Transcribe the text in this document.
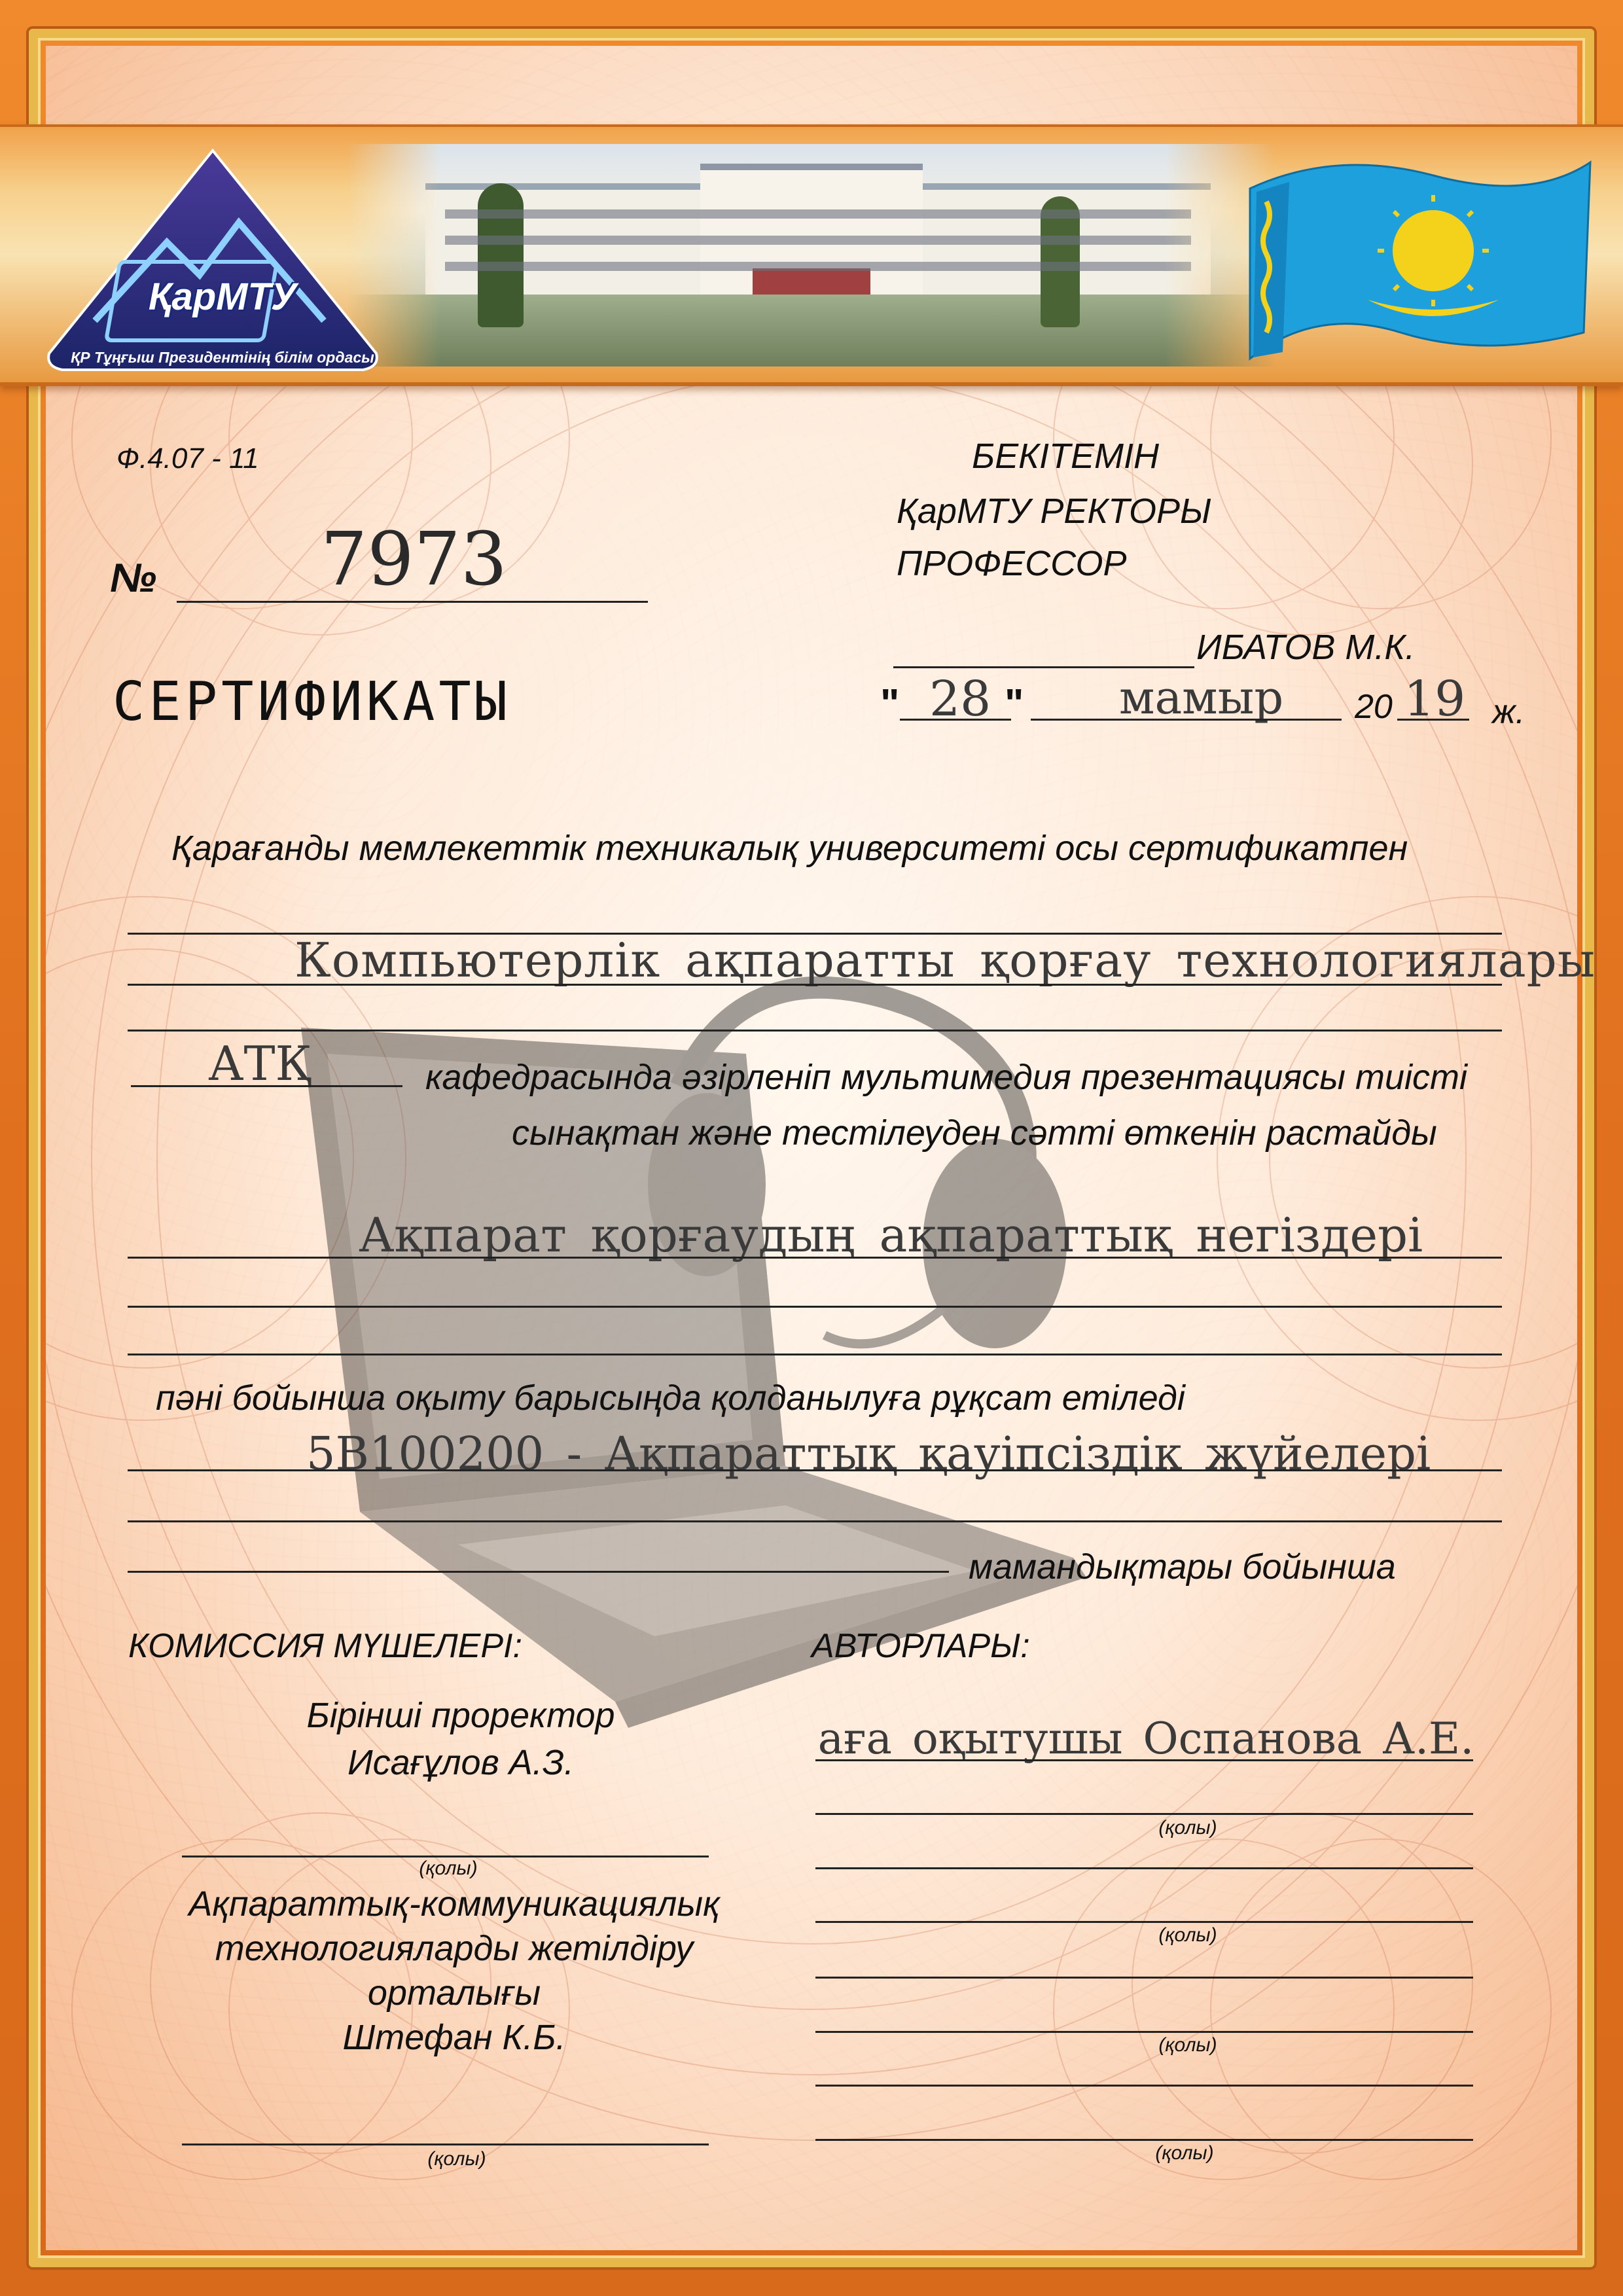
ҚарМТУ
ҚР Тұңғыш Президентінің білім ордасы
Ф.4.07 - 11
№ 7973
СЕРТИФИКАТЫ
БЕКІТЕМІН
ҚарМТУ РЕКТОРЫ
ПРОФЕССОР
ИБАТОВ М.К.
" 28 " мамыр 20 19 ж.
Қарағанды мемлекеттік техникалық университеті осы сертификатпен
Компьютерлік ақпаратты қорғау технологиялары
АТҚ	кафедрасында әзірленіп мультимедия презентациясы тиісті
сынақтан және тестілеуден сәтті өткенін растайды
Ақпарат қорғаудың ақпараттық негіздері
пәні бойынша оқыту барысыңда қолданылуға рұқсат етіледі
5В100200 - Ақпараттық қауіпсіздік жүйелері
мамандықтары бойынша
КОМИССИЯ МҮШЕЛЕРІ:
Бірінші проректор
Исағұлов А.З.
(қолы)
Ақпараттық-коммуникациялық
технологияларды жетілдіру
орталығы
Штефан К.Б.
(қолы)
АВТОРЛАРЫ:
аға оқытушы Оспанова А.Е.
(қолы)
(қолы)
(қолы)
(қолы)
